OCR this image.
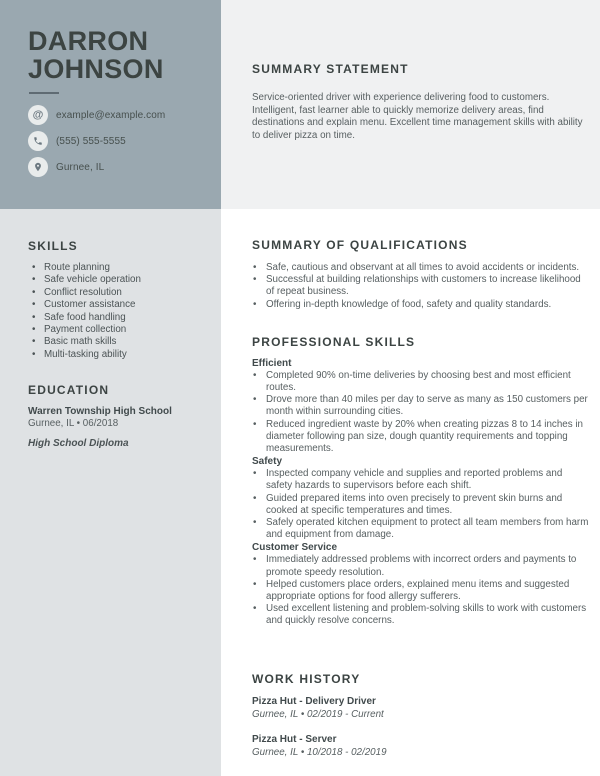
DARRON
JOHNSON
@	example@example.com
(555) 555-5555
Gurnee, IL
SKILLS
• Route planning
• Safe vehicle operation
• Conflict resolution
• Customer assistance
• Safe food handling
• Payment collection
• Basic math skills
• Multi-tasking ability
EDUCATION
Warren Township High School
Gurnee, IL • 06/2018
High School Diploma
SUMMARY STATEMENT
Service-oriented driver with experience delivering food to customers. Intelligent, fast learner able to quickly memorize delivery areas, find destinations and explain menu. Excellent time management skills with ability to deliver pizza on time.
SUMMARY OF QUALIFICATIONS
• Safe, cautious and observant at all times to avoid accidents or incidents.
• Successful at building relationships with customers to increase likelihood of repeat business.
• Offering in-depth knowledge of food, safety and quality standards.
PROFESSIONAL SKILLS
Efficient
• Completed 90% on-time deliveries by choosing best and most efficient routes.
• Drove more than 40 miles per day to serve as many as 150 customers per month within surrounding cities.
• Reduced ingredient waste by 20% when creating pizzas 8 to 14 inches in diameter following pan size, dough quantity requirements and topping measurements.
Safety
• Inspected company vehicle and supplies and reported problems and safety hazards to supervisors before each shift.
• Guided prepared items into oven precisely to prevent skin burns and cooked at specific temperatures and times.
• Safely operated kitchen equipment to protect all team members from harm and equipment from damage.
Customer Service
• Immediately addressed problems with incorrect orders and payments to promote speedy resolution.
• Helped customers place orders, explained menu items and suggested appropriate options for food allergy sufferers.
• Used excellent listening and problem-solving skills to work with customers and quickly resolve concerns.
WORK HISTORY
Pizza Hut - Delivery Driver
Gurnee, IL • 02/2019 - Current
Pizza Hut - Server
Gurnee, IL • 10/2018 - 02/2019
